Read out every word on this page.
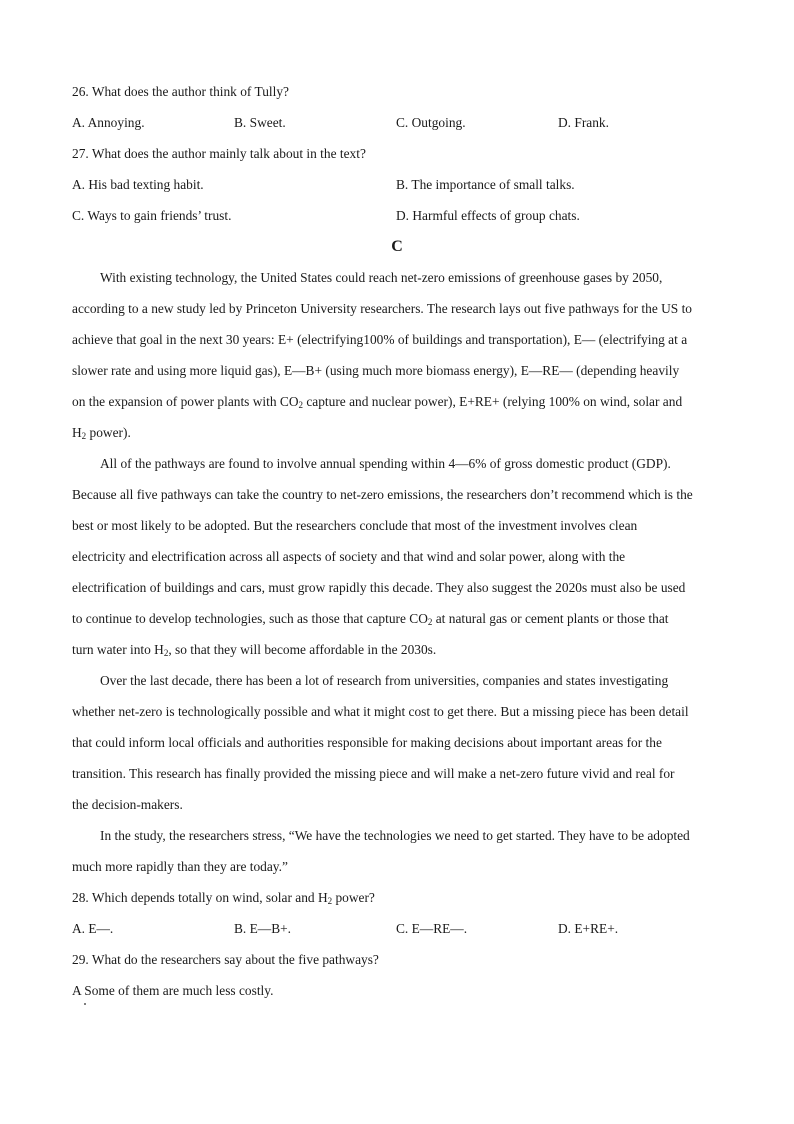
26. What does the author think of Tully?
A. Annoying.	B. Sweet.	C. Outgoing.	D. Frank.
27. What does the author mainly talk about in the text?
A. His bad texting habit.	B. The importance of small talks.
C. Ways to gain friends’ trust.	D. Harmful effects of group chats.
C
With existing technology, the United States could reach net-zero emissions of greenhouse gases by 2050,
according to a new study led by Princeton University researchers. The research lays out five pathways for the US to
achieve that goal in the next 30 years: E+ (electrifying100% of buildings and transportation), E— (electrifying at a
slower rate and using more liquid gas), E—B+ (using much more biomass energy), E—RE— (depending heavily
on the expansion of power plants with $CO_2$ capture and nuclear power), E+RE+ (relying 100% on wind, solar and
$H_2$ power).
All of the pathways are found to involve annual spending within 4—6% of gross domestic product (GDP).
Because all five pathways can take the country to net-zero emissions, the researchers don’t recommend which is the
best or most likely to be adopted. But the researchers conclude that most of the investment involves clean
electricity and electrification across all aspects of society and that wind and solar power, along with the
electrification of buildings and cars, must grow rapidly this decade. They also suggest the 2020s must also be used
to continue to develop technologies, such as those that capture $CO_2$ at natural gas or cement plants or those that
turn water into $H_2$, so that they will become affordable in the 2030s.
Over the last decade, there has been a lot of research from universities, companies and states investigating
whether net-zero is technologically possible and what it might cost to get there. But a missing piece has been detail
that could inform local officials and authorities responsible for making decisions about important areas for the
transition. This research has finally provided the missing piece and will make a net-zero future vivid and real for
the decision-makers.
In the study, the researchers stress, “We have the technologies we need to get started. They have to be adopted
much more rapidly than they are today.”
28. Which depends totally on wind, solar and $H_2$ power?
A. E—.	B. E—B+.	C. E—RE—.	D. E+RE+.
29. What do the researchers say about the five pathways?
A Some of them are much less costly.
